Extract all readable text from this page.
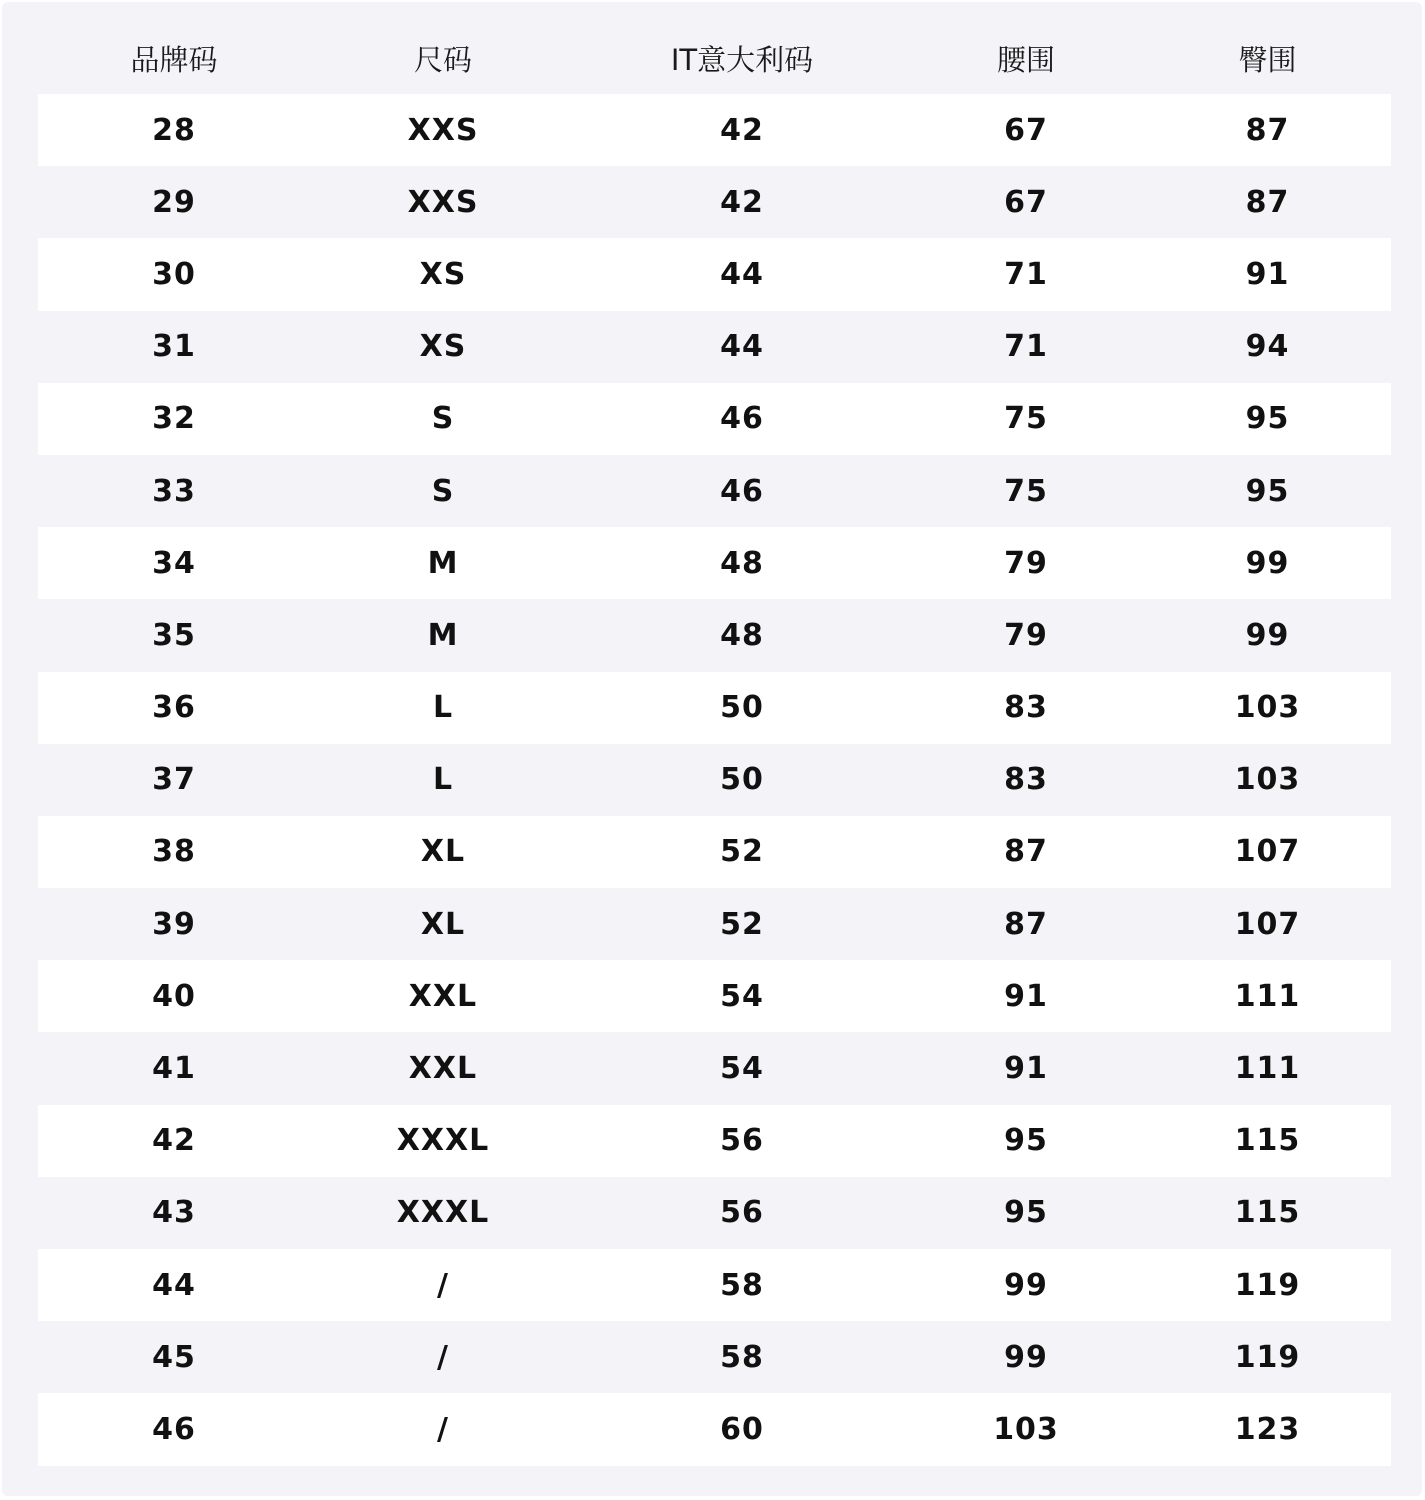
品牌码	尺码	IT意大利码	腰围	臀围
28	XXS	42	67	87
29	XXS	42	67	87
30	XS	44	71	91
31	XS	44	71	94
32	S	46	75	95
33	S	46	75	95
34	M	48	79	99
35	M	48	79	99
36	L	50	83	103
37	L	50	83	103
38	XL	52	87	107
39	XL	52	87	107
40	XXL	54	91	111
41	XXL	54	91	111
42	XXXL	56	95	115
43	XXXL	56	95	115
44	/	58	99	119
45	/	58	99	119
46	/	60	103	123
